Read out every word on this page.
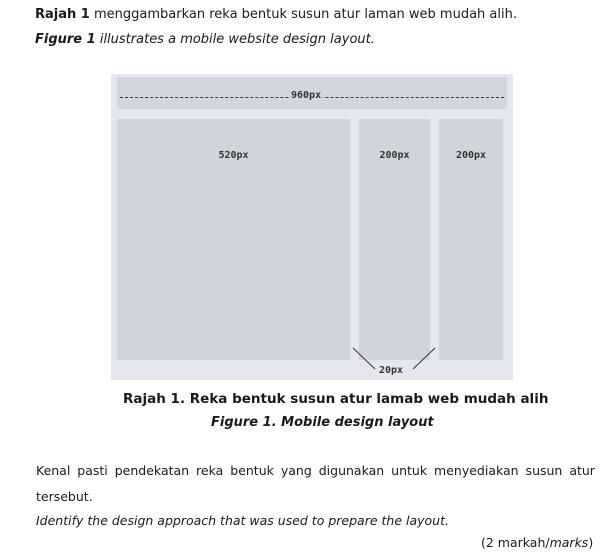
Rajah 1 menggambarkan reka bentuk susun atur laman web mudah alih.
Figure 1 illustrates a mobile website design layout.
960px
520px	200px	200px
20px
Rajah 1. Reka bentuk susun atur lamab web mudah alih
Figure 1. Mobile design layout
Kenal pasti pendekatan reka bentuk yang digunakan untuk menyediakan susun atur
tersebut.
Identify the design approach that was used to prepare the layout.
(2 markah/marks)
